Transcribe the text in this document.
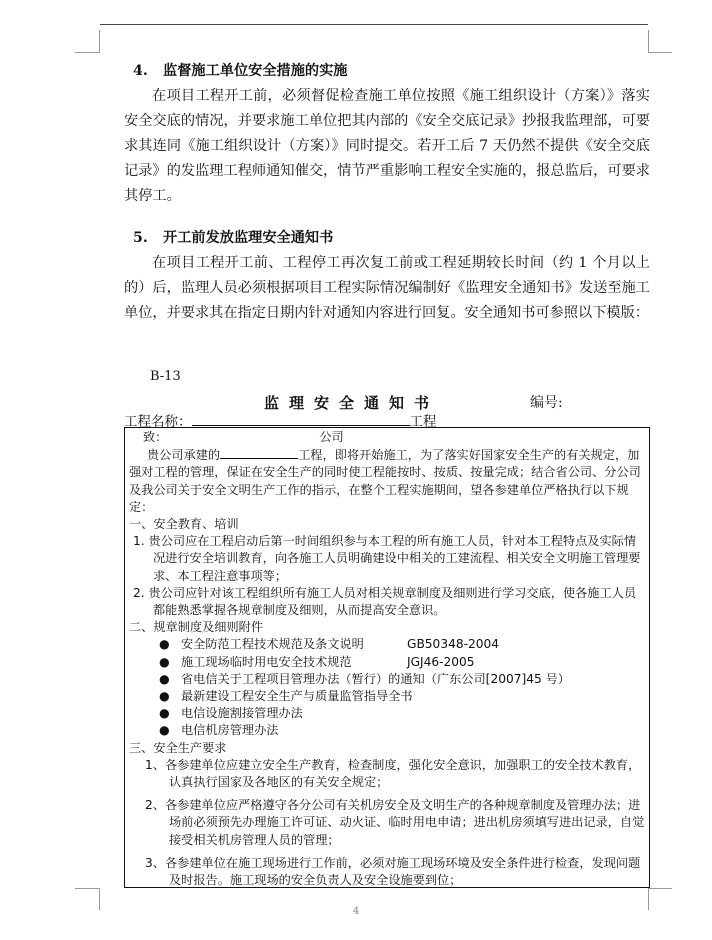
4. 监督施工单位安全措施的实施

在项目工程开工前，必须督促检查施工单位按照《施工组织设计（方案）》落实安全交底的情况，并要求施工单位把其内部的《安全交底记录》抄报我监理部，可要求其连同《施工组织设计（方案）》同时提交。若开工后 7 天仍然不提供《安全交底记录》的发监理工程师通知催交，情节严重影响工程安全实施的，报总监后，可要求其停工。

5. 开工前发放监理安全通知书

在项目工程开工前、工程停工再次复工前或工程延期较长时间（约 1 个月以上的）后，监理人员必须根据项目工程实际情况编制好《监理安全通知书》发送至施工单位，并要求其在指定日期内针对通知内容进行回复。安全通知书可参照以下模版：

B-13
监理安全通知书	编号:
工程名称：	工程
致：	公司
贵公司承建的	工程，即将开始施工，为了落实好国家安全生产的有关规定，加强对工程的管理，保证在安全生产的同时使工程能按时、按质、按量完成；结合省公司、分公司及我公司关于安全文明生产工作的指示，在整个工程实施期间，望各参建单位严格执行以下规定：
一、安全教育、培训
1. 贵公司应在工程启动后第一时间组织参与本工程的所有施工人员，针对本工程特点及实际情况进行安全培训教育，向各施工人员明确建设中相关的工建流程、相关安全文明施工管理要求、本工程注意事项等；
2. 贵公司应针对该工程组织所有施工人员对相关规章制度及细则进行学习交底，使各施工人员都能熟悉掌握各规章制度及细则，从而提高安全意识。
二、规章制度及细则附件
● 安全防范工程技术规范及条文说明	GB50348-2004
● 施工现场临时用电安全技术规范	JGJ46-2005
● 省电信关于工程项目管理办法（暂行）的通知（广东公司[2007]45 号）
● 最新建设工程安全生产与质量监管指导全书
● 电信设施割接管理办法
● 电信机房管理办法
三、安全生产要求
1、各参建单位应建立安全生产教育，检查制度，强化安全意识，加强职工的安全技术教育，认真执行国家及各地区的有关安全规定；
2、各参建单位应严格遵守各分公司有关机房安全及文明生产的各种规章制度及管理办法；进场前必须预先办理施工许可证、动火证、临时用电申请；进出机房须填写进出记录，自觉接受相关机房管理人员的管理；
3、各参建单位在施工现场进行工作前，必须对施工现场环境及安全条件进行检查，发现问题及时报告。施工现场的安全负责人及安全设施要到位；
4
